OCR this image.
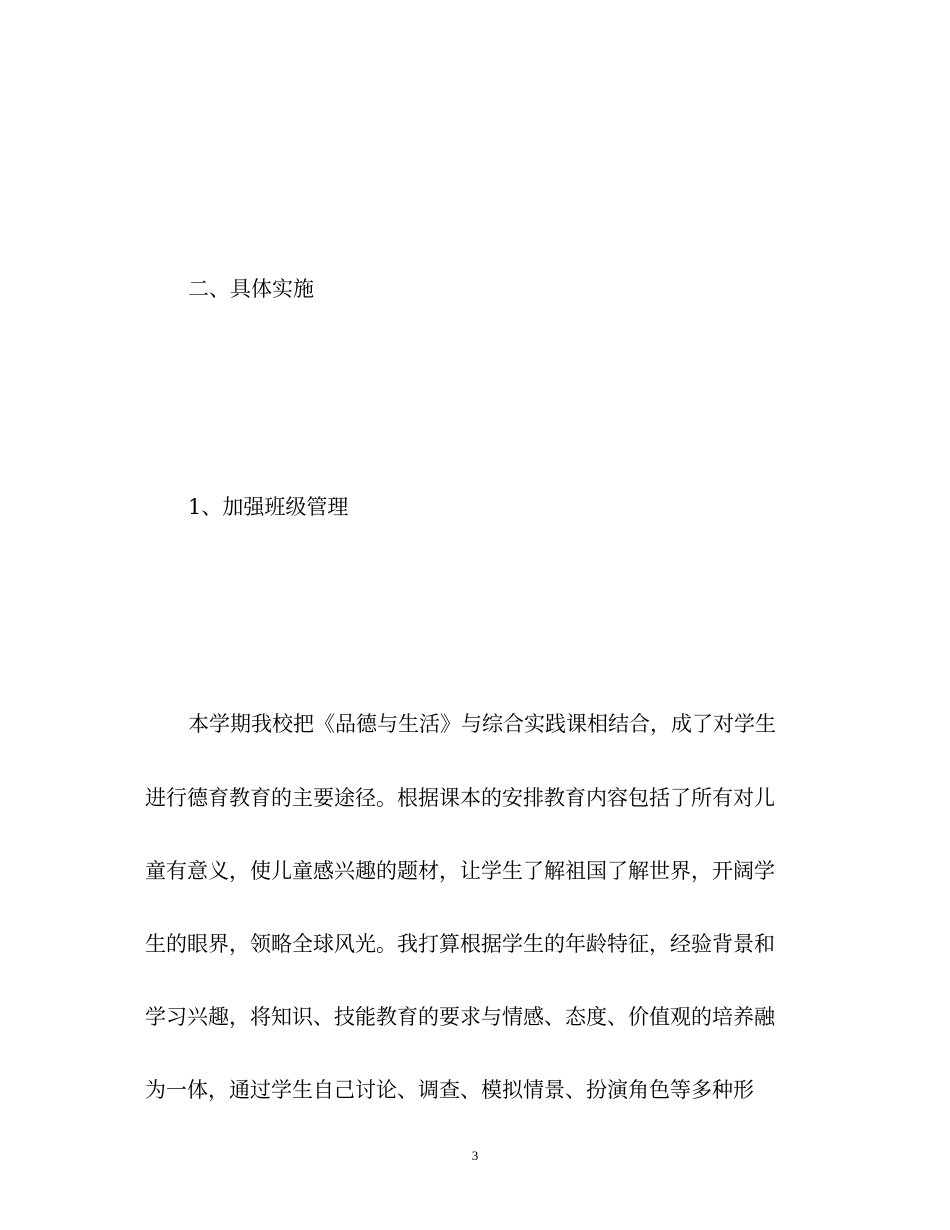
二、具体实施
1、加强班级管理
本学期我校把《品德与生活》与综合实践课相结合，成了对学生
进行德育教育的主要途径。根据课本的安排教育内容包括了所有对儿
童有意义，使儿童感兴趣的题材，让学生了解祖国了解世界，开阔学
生的眼界，领略全球风光。我打算根据学生的年龄特征，经验背景和
学习兴趣，将知识、技能教育的要求与情感、态度、价值观的培养融
为一体，通过学生自己讨论、调查、模拟情景、扮演角色等多种形
3
